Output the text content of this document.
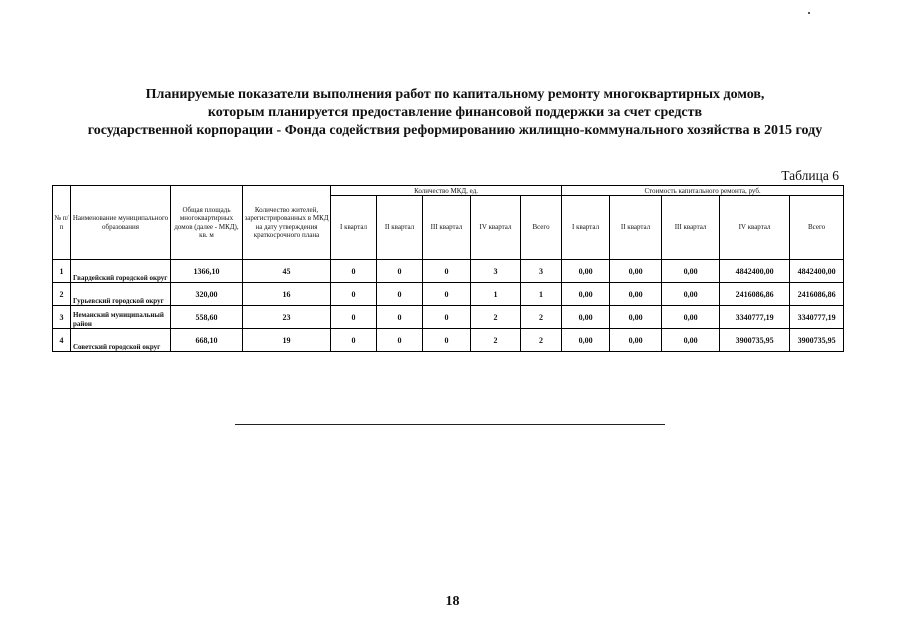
Планируемые показатели выполнения работ по капитальному ремонту многоквартирных домов,
которым планируется предоставление финансовой поддержки за счет средств
государственной корпорации - Фонда содействия реформированию жилищно-коммунального хозяйства в 2015 году
Таблица 6
№ п/п	Наименование муниципального образования	Общая площадь многоквартирных домов (далее - МКД), кв. м	Количество жителей, зарегистрированных в МКД на дату утверждения краткосрочного плана	Количество МКД, ед.					Стоимость капитального ремонта, руб.				
				I квартал	II квартал	III квартал	IV квартал	Всего	I квартал	II квартал	III квартал	IV квартал	Всего
1	Гвардейский городской округ	1366,10	45	0	0	0	3	3	0,00	0,00	0,00	4842400,00	4842400,00
2	Гурьевский городской округ	320,00	16	0	0	0	1	1	0,00	0,00	0,00	2416086,86	2416086,86
3	Неманский муниципальный район	558,60	23	0	0	0	2	2	0,00	0,00	0,00	3340777,19	3340777,19
4	Советский городской округ	668,10	19	0	0	0	2	2	0,00	0,00	0,00	3900735,95	3900735,95
18
